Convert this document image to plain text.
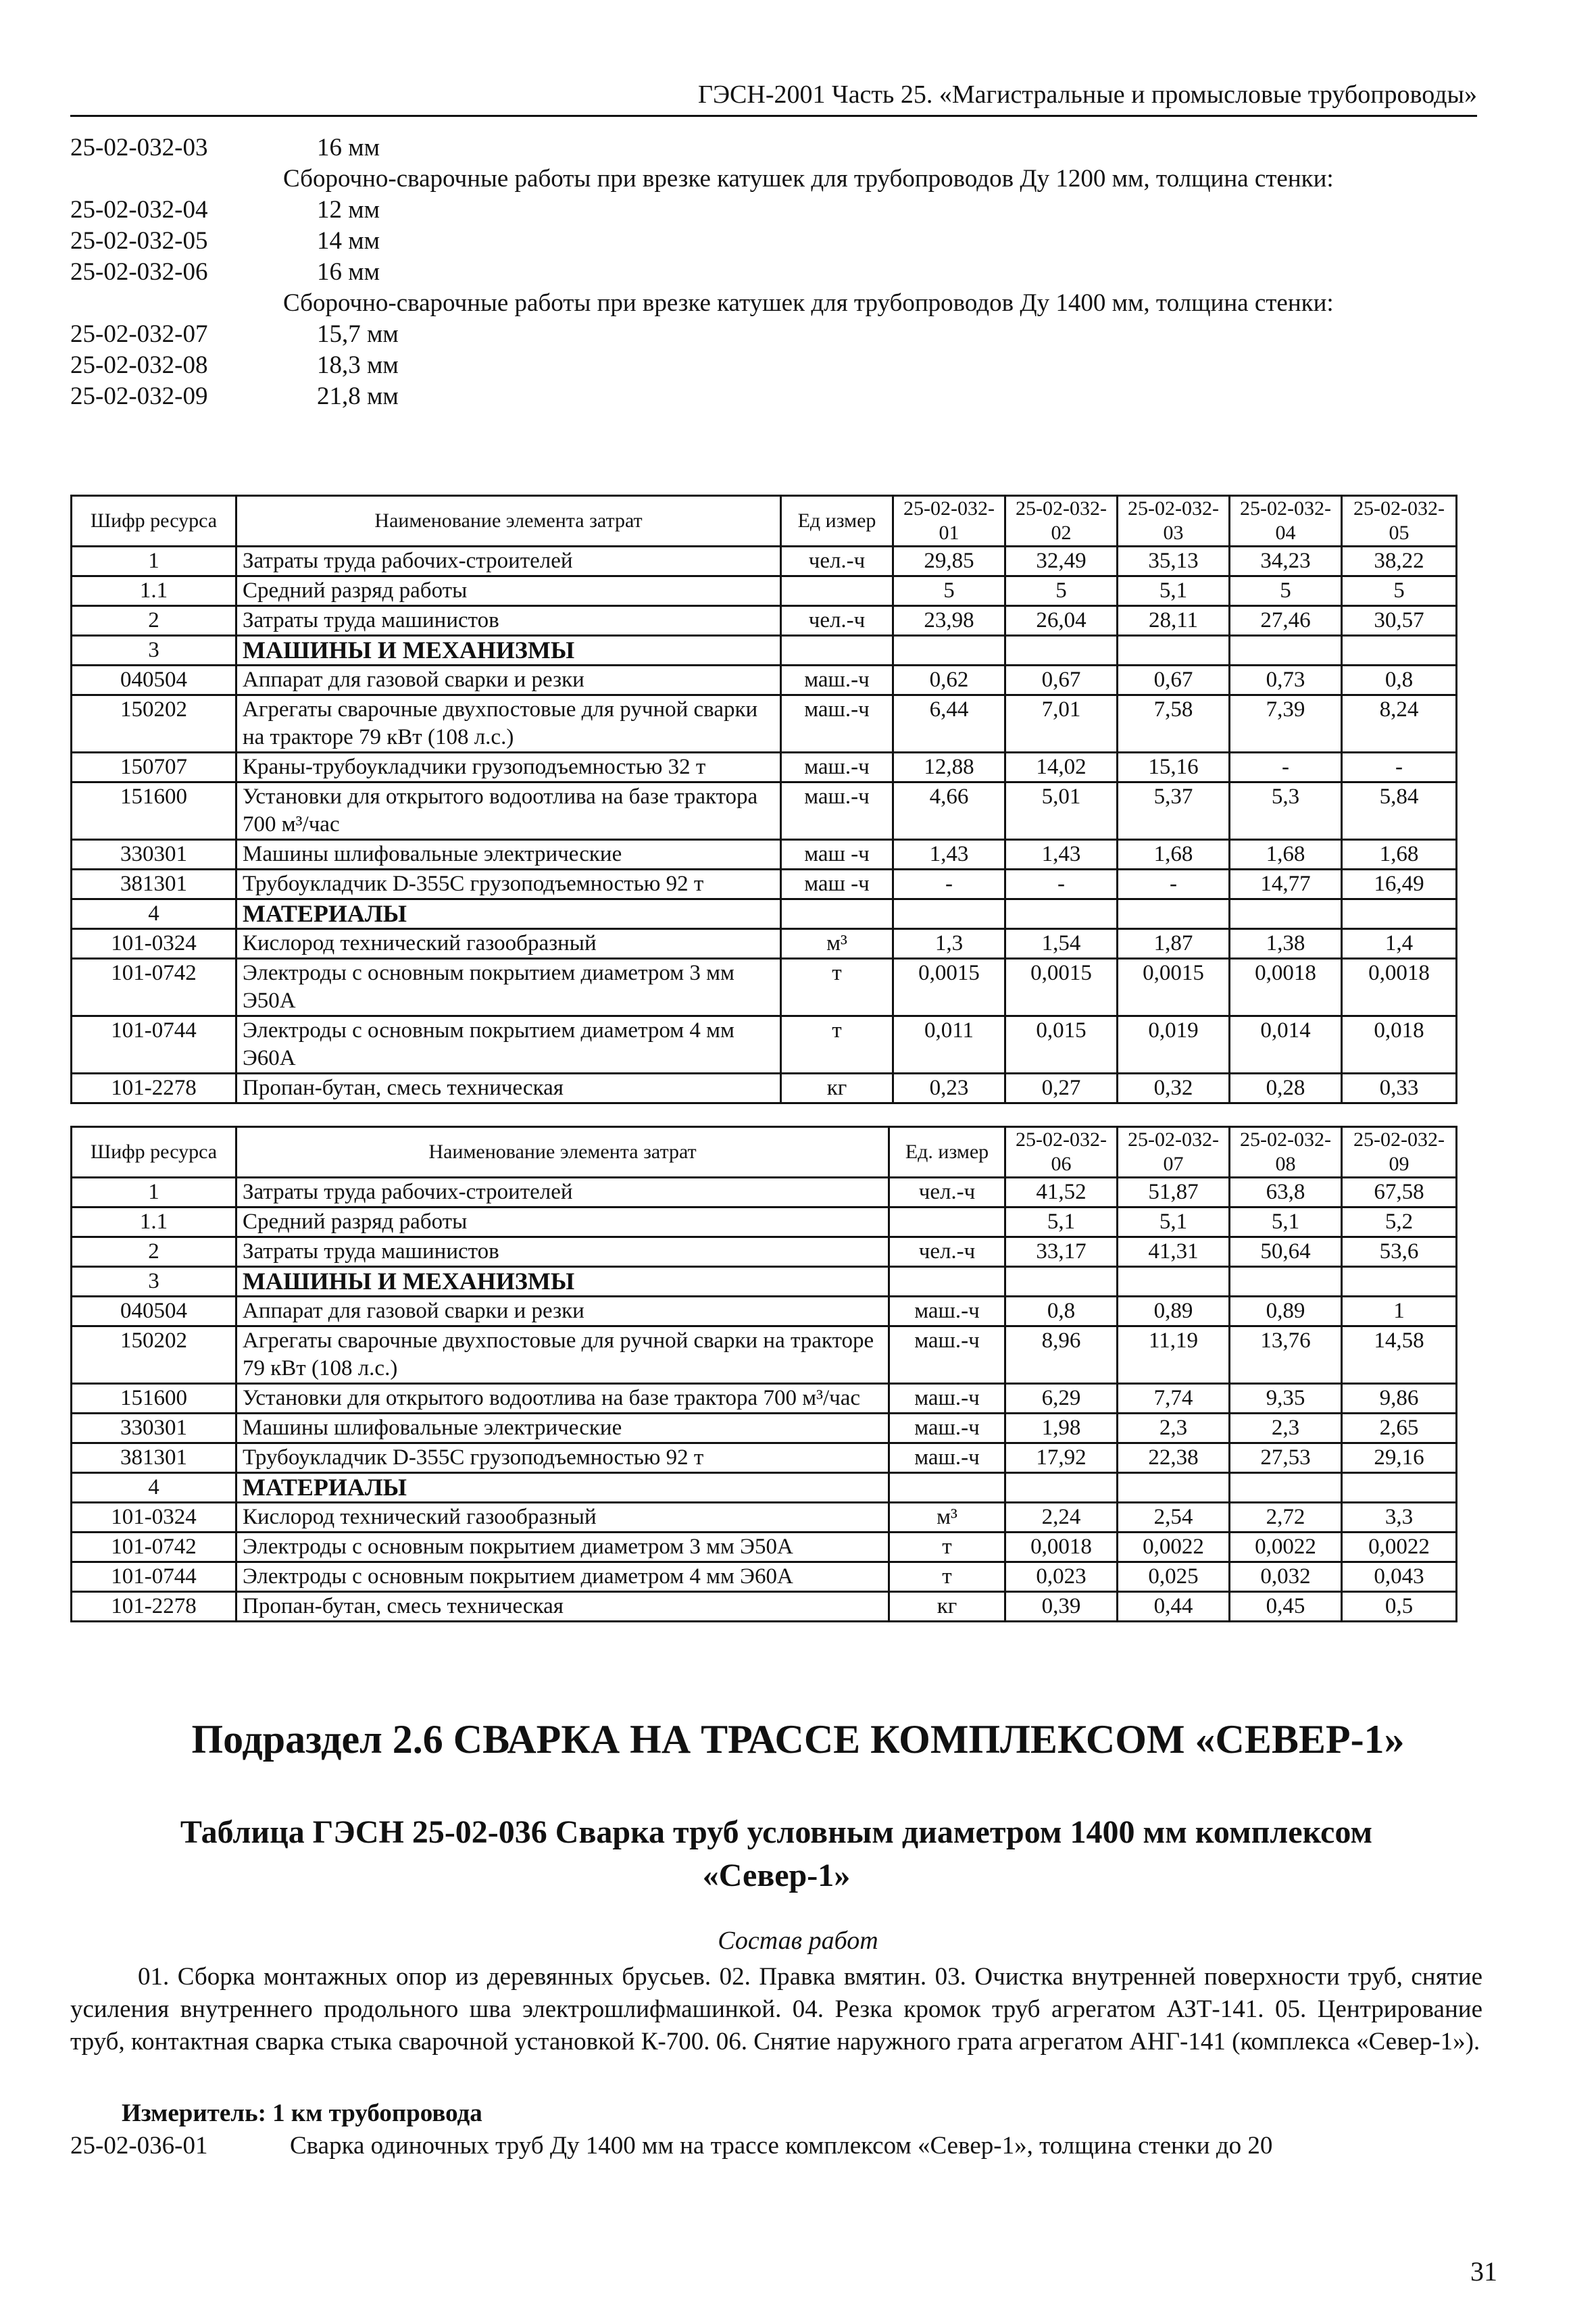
ГЭСН-2001 Часть 25. «Магистральные и промысловые трубопроводы»
25-02-032-03	16 мм
Сборочно-сварочные работы при врезке катушек для трубопроводов Ду 1200 мм, толщина стенки:
25-02-032-04	12 мм
25-02-032-05	14 мм
25-02-032-06	16 мм
Сборочно-сварочные работы при врезке катушек для трубопроводов Ду 1400 мм, толщина стенки:
25-02-032-07	15,7 мм
25-02-032-08	18,3 мм
25-02-032-09	21,8 мм
Шифр ресурса	Наименование элемента затрат	Ед измер	25-02-032-01	25-02-032-02	25-02-032-03	25-02-032-04	25-02-032-05
1	Затраты труда рабочих-строителей	чел.-ч	29,85	32,49	35,13	34,23	38,22
1.1	Средний разряд работы		5	5	5,1	5	5
2	Затраты труда машинистов	чел.-ч	23,98	26,04	28,11	27,46	30,57
3	МАШИНЫ И МЕХАНИЗМЫ						
040504	Аппарат для газовой сварки и резки	маш.-ч	0,62	0,67	0,67	0,73	0,8
150202	Агрегаты сварочные двухпостовые для ручной сварки на тракторе 79 кВт (108 л.с.)	маш.-ч	6,44	7,01	7,58	7,39	8,24
150707	Краны-трубоукладчики грузоподъемностью 32 т	маш.-ч	12,88	14,02	15,16	-	-
151600	Установки для открытого водоотлива на базе трактора 700 м³/час	маш.-ч	4,66	5,01	5,37	5,3	5,84
330301	Машины шлифовальные электрические	маш -ч	1,43	1,43	1,68	1,68	1,68
381301	Трубоукладчик D-355C грузоподъемностью 92 т	маш -ч	-	-	-	14,77	16,49
4	МАТЕРИАЛЫ						
101-0324	Кислород технический газообразный	м³	1,3	1,54	1,87	1,38	1,4
101-0742	Электроды с основным покрытием диаметром 3 мм Э50А	т	0,0015	0,0015	0,0015	0,0018	0,0018
101-0744	Электроды с основным покрытием диаметром 4 мм Э60А	т	0,011	0,015	0,019	0,014	0,018
101-2278	Пропан-бутан, смесь техническая	кг	0,23	0,27	0,32	0,28	0,33
Шифр ресурса	Наименование элемента затрат	Ед. измер	25-02-032-06	25-02-032-07	25-02-032-08	25-02-032-09
1	Затраты труда рабочих-строителей	чел.-ч	41,52	51,87	63,8	67,58
1.1	Средний разряд работы		5,1	5,1	5,1	5,2
2	Затраты труда машинистов	чел.-ч	33,17	41,31	50,64	53,6
3	МАШИНЫ И МЕХАНИЗМЫ					
040504	Аппарат для газовой сварки и резки	маш.-ч	0,8	0,89	0,89	1
150202	Агрегаты сварочные двухпостовые для ручной сварки на тракторе 79 кВт (108 л.с.)	маш.-ч	8,96	11,19	13,76	14,58
151600	Установки для открытого водоотлива на базе трактора 700 м³/час	маш.-ч	6,29	7,74	9,35	9,86
330301	Машины шлифовальные электрические	маш.-ч	1,98	2,3	2,3	2,65
381301	Трубоукладчик D-355C грузоподъемностью 92 т	маш.-ч	17,92	22,38	27,53	29,16
4	МАТЕРИАЛЫ					
101-0324	Кислород технический газообразный	м³	2,24	2,54	2,72	3,3
101-0742	Электроды с основным покрытием диаметром 3 мм Э50А	т	0,0018	0,0022	0,0022	0,0022
101-0744	Электроды с основным покрытием диаметром 4 мм Э60А	т	0,023	0,025	0,032	0,043
101-2278	Пропан-бутан, смесь техническая	кг	0,39	0,44	0,45	0,5
Подраздел 2.6 СВАРКА НА ТРАССЕ КОМПЛЕКСОМ «СЕВЕР-1»
Таблица ГЭСН 25-02-036 Сварка труб условным диаметром 1400 мм комплексом
«Север-1»
Состав работ
01. Сборка монтажных опор из деревянных брусьев. 02. Правка вмятин. 03. Очистка внутренней поверхности труб, снятие усиления внутреннего продольного шва электрошлифмашинкой. 04. Резка кромок труб агрегатом АЗТ-141. 05. Центрирование труб, контактная сварка стыка сварочной установкой К-700. 06. Снятие наружного грата агрегатом АНГ-141 (комплекса «Север-1»).
Измеритель: 1 км трубопровода
25-02-036-01	Сварка одиночных труб Ду 1400 мм на трассе комплексом «Север-1», толщина стенки до 20
31
